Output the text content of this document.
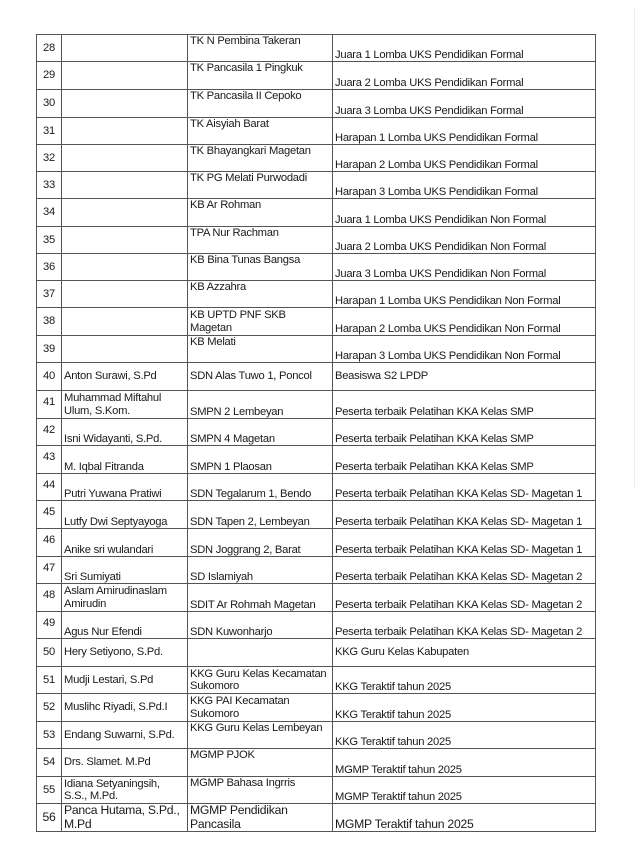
28		TK N Pembina Takeran	Juara 1 Lomba UKS Pendidikan Formal

29		TK Pancasila 1 Pingkuk	Juara 2 Lomba UKS Pendidikan Formal

30		TK Pancasila II Cepoko	Juara 3 Lomba UKS Pendidikan Formal

31		TK Aisyiah Barat	Harapan 1 Lomba UKS Pendidikan Formal

32		TK Bhayangkari Magetan	Harapan 2 Lomba UKS Pendidikan Formal

33		TK PG Melati Purwodadi	Harapan 3 Lomba UKS Pendidikan Formal

34		KB Ar Rohman	Juara 1 Lomba UKS Pendidikan Non Formal

35		TPA Nur Rachman	Juara 2 Lomba UKS Pendidikan Non Formal

36		KB Bina Tunas Bangsa	Juara 3 Lomba UKS Pendidikan Non Formal

37		KB Azzahra	Harapan 1 Lomba UKS Pendidikan Non Formal

38		KB UPTD PNF SKB
Magetan	Harapan 2 Lomba UKS Pendidikan Non Formal

39		KB Melati	Harapan 3 Lomba UKS Pendidikan Non Formal

40	Anton Surawi, S.Pd	SDN Alas Tuwo 1, Poncol	Beasiswa S2 LPDP

41	Muhammad Miftahul
Ulum, S.Kom.	SMPN 2 Lembeyan	Peserta terbaik Pelatihan KKA Kelas SMP

42	Isni Widayanti, S.Pd.	SMPN 4 Magetan	Peserta terbaik Pelatihan KKA Kelas SMP

43	M. Iqbal Fitranda	SMPN 1 Plaosan	Peserta terbaik Pelatihan KKA Kelas SMP

44	Putri Yuwana Pratiwi	SDN Tegalarum 1, Bendo	Peserta terbaik Pelatihan KKA Kelas SD- Magetan 1

45	Lutfy Dwi Septyayoga	SDN Tapen 2, Lembeyan	Peserta terbaik Pelatihan KKA Kelas SD- Magetan 1

46	Anike sri wulandari	SDN Joggrang 2, Barat	Peserta terbaik Pelatihan KKA Kelas SD- Magetan 1

47	Sri Sumiyati	SD Islamiyah	Peserta terbaik Pelatihan KKA Kelas SD- Magetan 2

48	Aslam Amirudinaslam
Amirudin	SDIT Ar Rohmah Magetan	Peserta terbaik Pelatihan KKA Kelas SD- Magetan 2

49	Agus Nur Efendi	SDN Kuwonharjo	Peserta terbaik Pelatihan KKA Kelas SD- Magetan 2

50	Hery Setiyono, S.Pd.		KKG Guru Kelas Kabupaten

51	Mudji Lestari, S.Pd	KKG Guru Kelas Kecamatan
Sukomoro	KKG Teraktif tahun 2025

52	Muslihc Riyadi, S.Pd.I	KKG PAI Kecamatan
Sukomoro	KKG Teraktif tahun 2025

53	Endang Suwarni, S.Pd.	KKG Guru Kelas Lembeyan	KKG Teraktif tahun 2025

54	Drs. Slamet. M.Pd	MGMP PJOK	MGMP Teraktif tahun 2025

55	Idiana Setyaningsih,
S.S., M.Pd.	MGMP Bahasa Ingrris	MGMP Teraktif tahun 2025

56	Panca Hutama, S.Pd.,
M.Pd	MGMP Pendidikan
Pancasila	MGMP Teraktif tahun 2025
